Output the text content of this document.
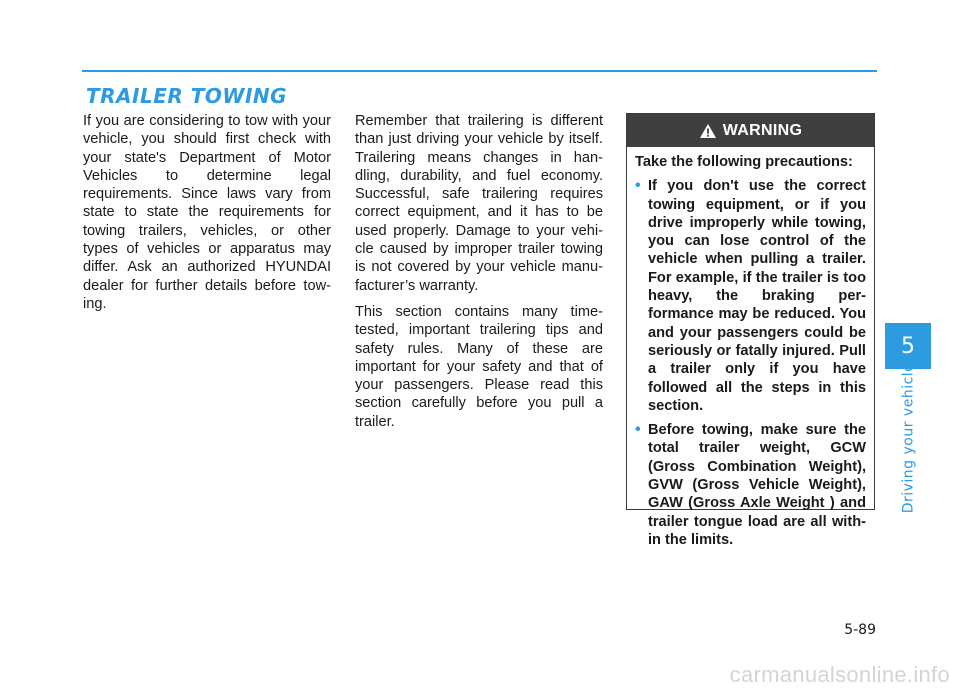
TRAILER TOWING

If you are considering to tow with your vehicle, you should first check with your state's Department of Motor Vehicles to determine legal requirements. Since laws vary from state to state the requirements for towing trailers, vehicles, or other types of vehicles or apparatus may differ. Ask an authorized HYUNDAI dealer for further details before tow-ing.

Remember that trailering is different than just driving your vehicle by itself. Trailering means changes in han-dling, durability, and fuel economy. Successful, safe trailering requires correct equipment, and it has to be used properly. Damage to your vehi-cle caused by improper trailer towing is not covered by your vehicle manu-facturer’s warranty.

This section contains many time-tested, important trailering tips and safety rules. Many of these are important for your safety and that of your passengers. Please read this section carefully before you pull a trailer.

WARNING

Take the following precautions:

• If you don't use the correct towing equipment, or if you drive improperly while towing, you can lose control of the vehicle when pulling a trailer. For example, if the trailer is too heavy, the braking per-formance may be reduced. You and your passengers could be seriously or fatally injured. Pull a trailer only if you have followed all the steps in this section.
• Before towing, make sure the total trailer weight, GCW (Gross Combination Weight), GVW (Gross Vehicle Weight), GAW (Gross Axle Weight ) and trailer tongue load are all with-in the limits.
5
Driving your vehicle
5-89
carmanualsonline.info
